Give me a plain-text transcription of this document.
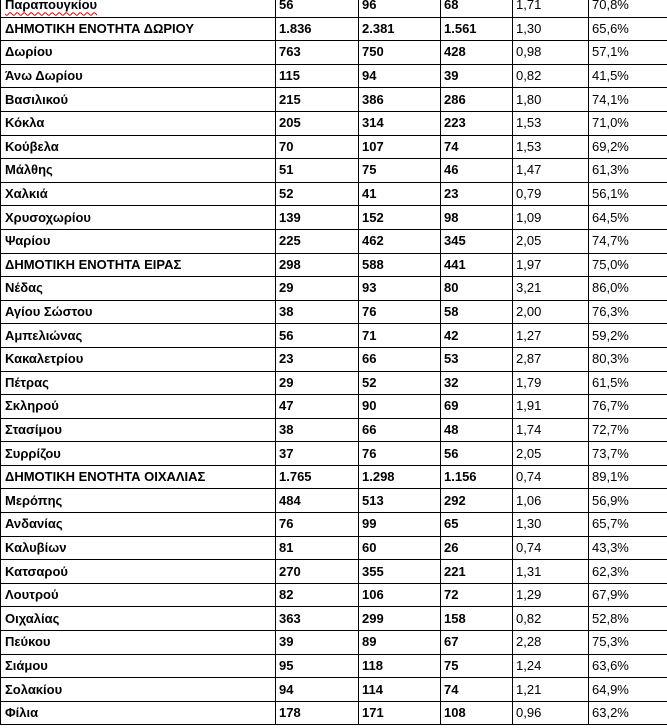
Παραπουγκίου	56	96	68	1,71	70,8%
ΔΗΜΟΤΙΚΗ ΕΝΟΤΗΤΑ ΔΩΡΙΟΥ	1.836	2.381	1.561	1,30	65,6%
Δωρίου	763	750	428	0,98	57,1%
Άνω Δωρίου	115	94	39	0,82	41,5%
Βασιλικού	215	386	286	1,80	74,1%
Κόκλα	205	314	223	1,53	71,0%
Κούβελα	70	107	74	1,53	69,2%
Μάλθης	51	75	46	1,47	61,3%
Χαλκιά	52	41	23	0,79	56,1%
Χρυσοχωρίου	139	152	98	1,09	64,5%
Ψαρίου	225	462	345	2,05	74,7%
ΔΗΜΟΤΙΚΗ ΕΝΟΤΗΤΑ ΕΙΡΑΣ	298	588	441	1,97	75,0%
Νέδας	29	93	80	3,21	86,0%
Αγίου Σώστου	38	76	58	2,00	76,3%
Αμπελιώνας	56	71	42	1,27	59,2%
Κακαλετρίου	23	66	53	2,87	80,3%
Πέτρας	29	52	32	1,79	61,5%
Σκληρού	47	90	69	1,91	76,7%
Στασίμου	38	66	48	1,74	72,7%
Συρρίζου	37	76	56	2,05	73,7%
ΔΗΜΟΤΙΚΗ ΕΝΟΤΗΤΑ ΟΙΧΑΛΙΑΣ	1.765	1.298	1.156	0,74	89,1%
Μερόπης	484	513	292	1,06	56,9%
Ανδανίας	76	99	65	1,30	65,7%
Καλυβίων	81	60	26	0,74	43,3%
Κατσαρού	270	355	221	1,31	62,3%
Λουτρού	82	106	72	1,29	67,9%
Οιχαλίας	363	299	158	0,82	52,8%
Πεύκου	39	89	67	2,28	75,3%
Σιάμου	95	118	75	1,24	63,6%
Σολακίου	94	114	74	1,21	64,9%
Φίλια	178	171	108	0,96	63,2%
